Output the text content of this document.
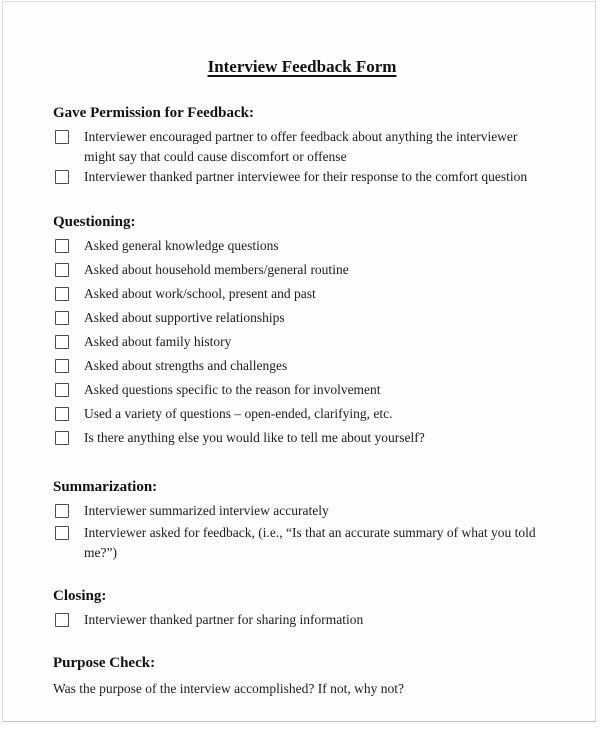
Interview Feedback Form
Gave Permission for Feedback:
Interviewer encouraged partner to offer feedback about anything the interviewer might say that could cause discomfort or offense
Interviewer thanked partner interviewee for their response to the comfort question
Questioning:
Asked general knowledge questions
Asked about household members/general routine
Asked about work/school, present and past
Asked about supportive relationships
Asked about family history
Asked about strengths and challenges
Asked questions specific to the reason for involvement
Used a variety of questions – open-ended, clarifying, etc.
Is there anything else you would like to tell me about yourself?
Summarization:
Interviewer summarized interview accurately
Interviewer asked for feedback, (i.e., “Is that an accurate summary of what you told me?”)
Closing:
Interviewer thanked partner for sharing information
Purpose Check:

Was the purpose of the interview accomplished? If not, why not?
